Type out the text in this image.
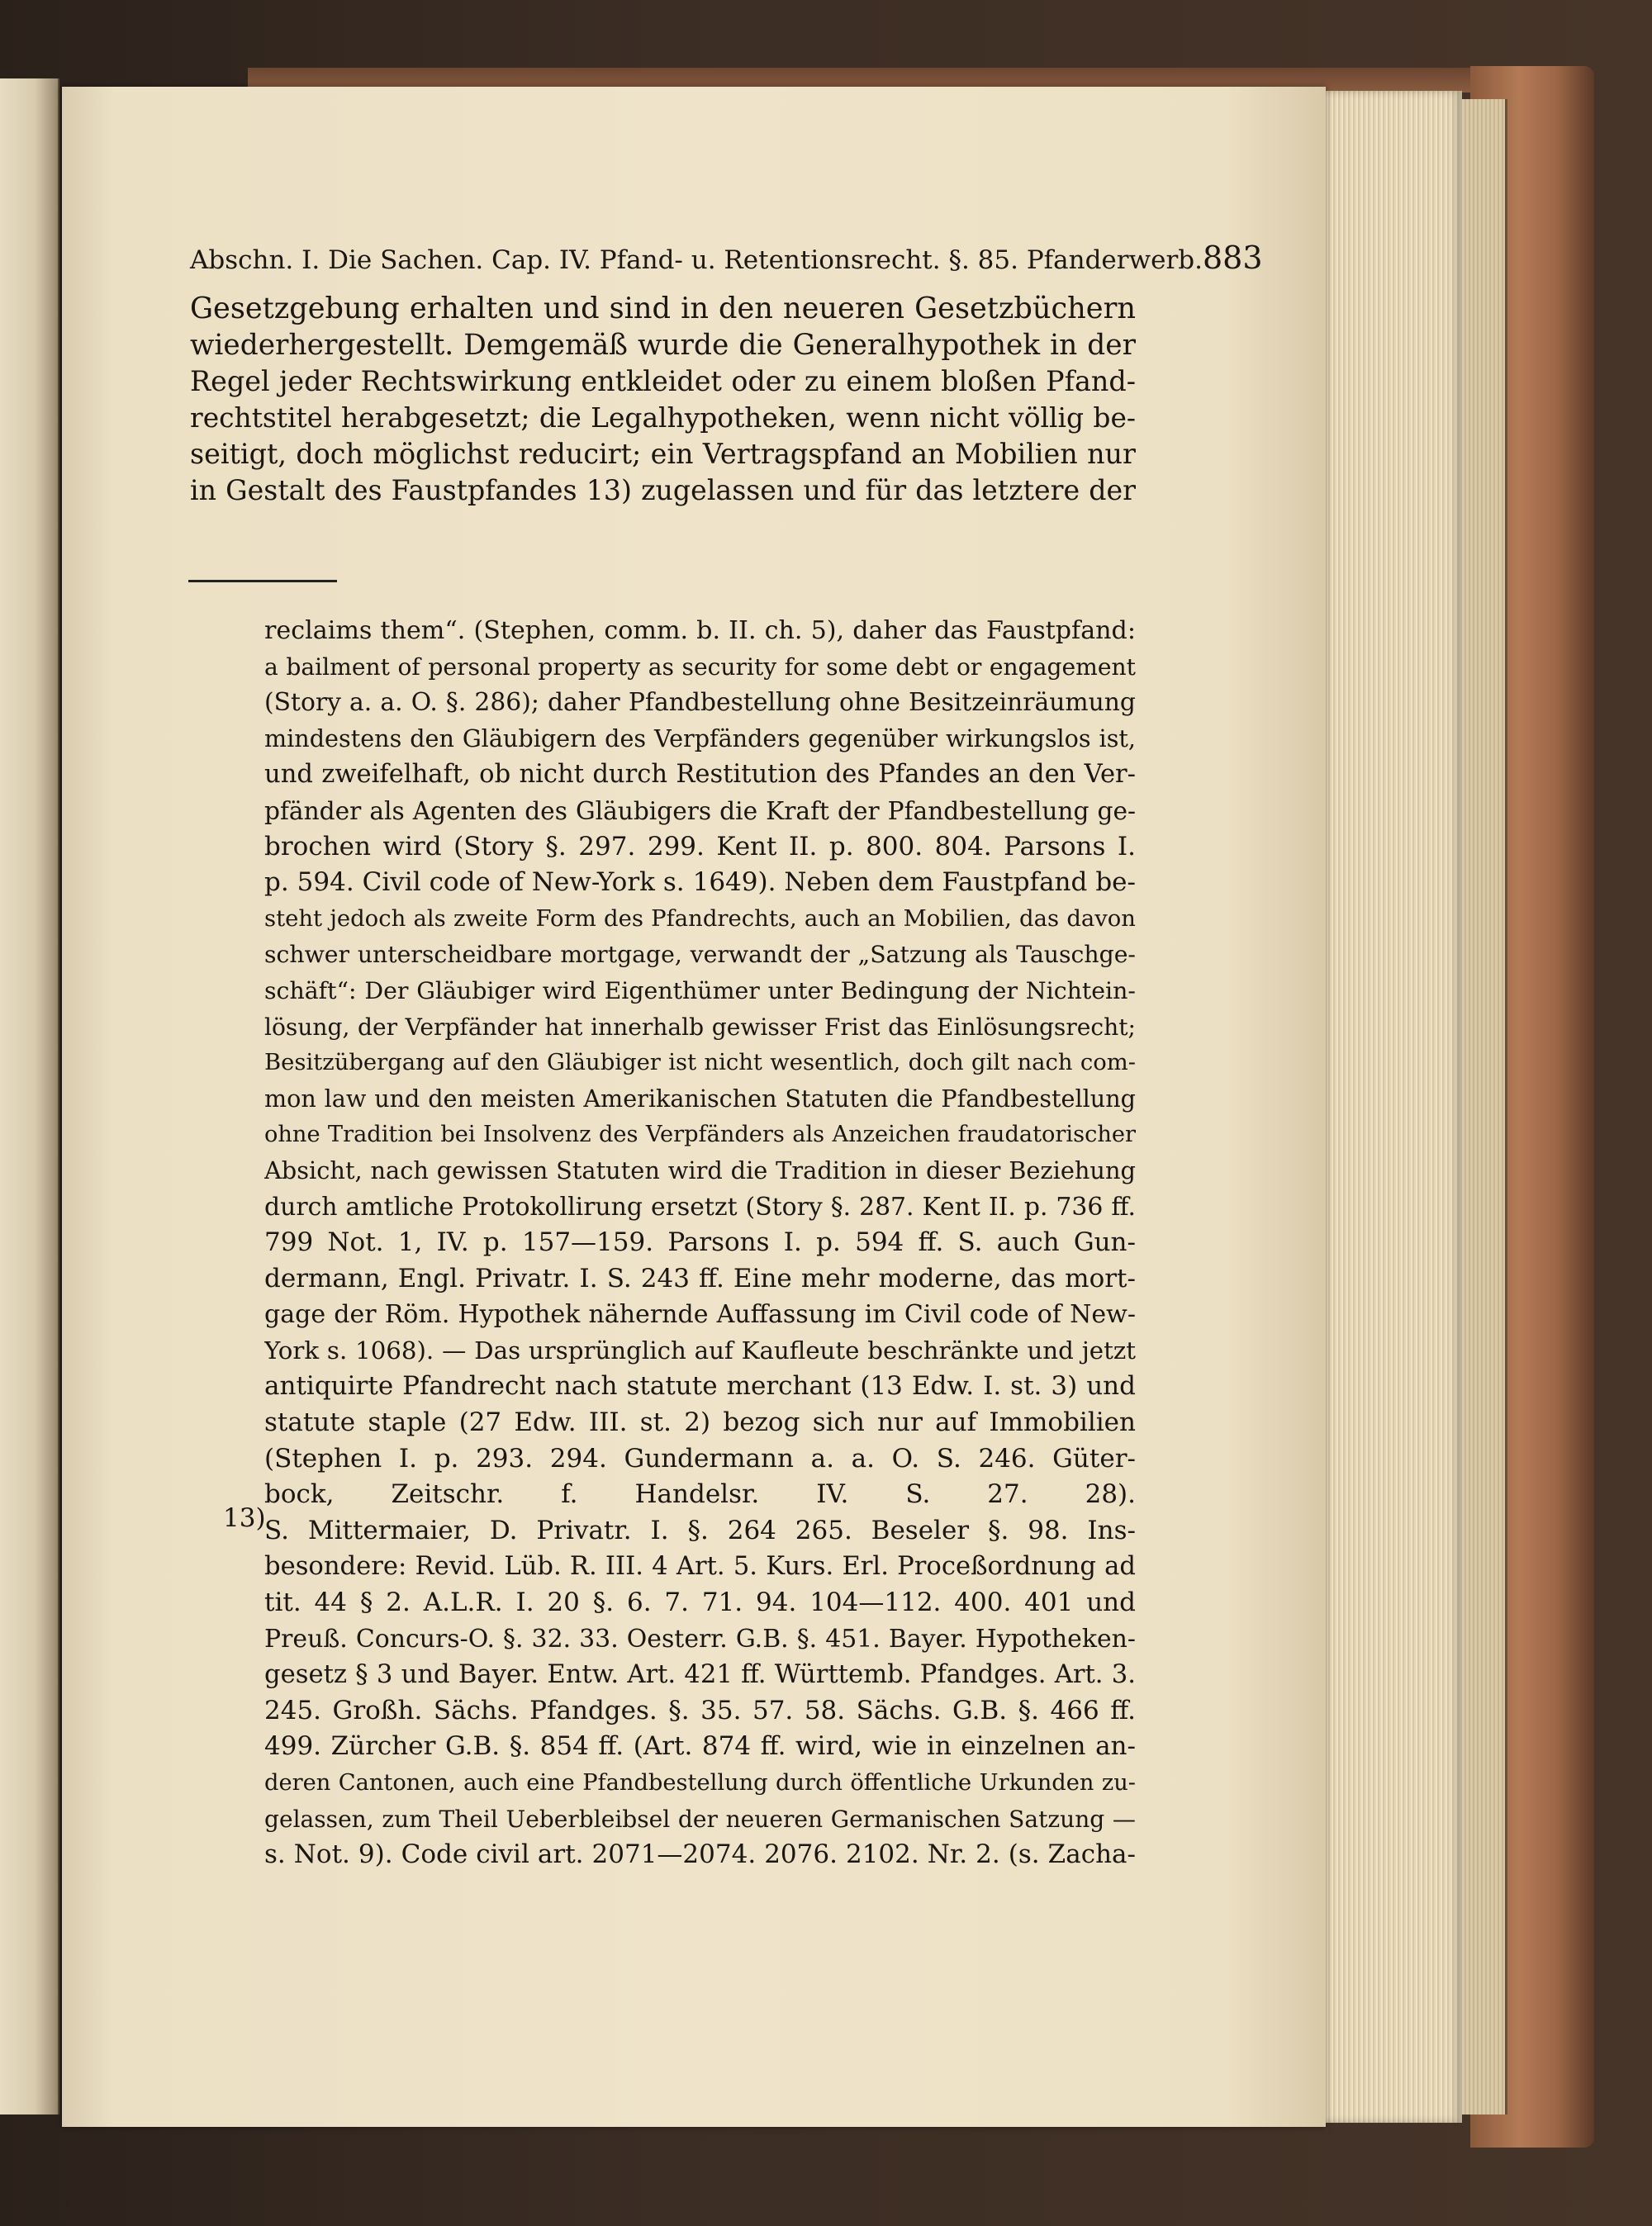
Abschn. I. Die Sachen. Cap. IV. Pfand- u. Retentionsrecht. §. 85. Pfanderwerb. 883
Gesetzgebung erhalten und sind in den neueren Gesetzbüchern
wiederhergestellt. Demgemäß wurde die Generalhypothek in der
Regel jeder Rechtswirkung entkleidet oder zu einem bloßen Pfand-
rechtstitel herabgesetzt; die Legalhypotheken, wenn nicht völlig be-
seitigt, doch möglichst reducirt; ein Vertragspfand an Mobilien nur
in Gestalt des Faustpfandes 13) zugelassen und für das letztere der
reclaims them“. (Stephen, comm. b. II. ch. 5), daher das Faustpfand:
a bailment of personal property as security for some debt or engagement
(Story a. a. O. §. 286); daher Pfandbestellung ohne Besitzeinräumung
mindestens den Gläubigern des Verpfänders gegenüber wirkungslos ist,
und zweifelhaft, ob nicht durch Restitution des Pfandes an den Ver-
pfänder als Agenten des Gläubigers die Kraft der Pfandbestellung ge-
brochen wird (Story §. 297. 299. Kent II. p. 800. 804. Parsons I.
p. 594. Civil code of New-York s. 1649). Neben dem Faustpfand be-
steht jedoch als zweite Form des Pfandrechts, auch an Mobilien, das davon
schwer unterscheidbare mortgage, verwandt der „Satzung als Tauschge-
schäft“: Der Gläubiger wird Eigenthümer unter Bedingung der Nichtein-
lösung, der Verpfänder hat innerhalb gewisser Frist das Einlösungsrecht;
Besitzübergang auf den Gläubiger ist nicht wesentlich, doch gilt nach com-
mon law und den meisten Amerikanischen Statuten die Pfandbestellung
ohne Tradition bei Insolvenz des Verpfänders als Anzeichen fraudatorischer
Absicht, nach gewissen Statuten wird die Tradition in dieser Beziehung
durch amtliche Protokollirung ersetzt (Story §. 287. Kent II. p. 736 ff.
799 Not. 1, IV. p. 157—159. Parsons I. p. 594 ff. S. auch Gun-
dermann, Engl. Privatr. I. S. 243 ff. Eine mehr moderne, das mort-
gage der Röm. Hypothek nähernde Auffassung im Civil code of New-
York s. 1068). — Das ursprünglich auf Kaufleute beschränkte und jetzt
antiquirte Pfandrecht nach statute merchant (13 Edw. I. st. 3) und
statute staple (27 Edw. III. st. 2) bezog sich nur auf Immobilien
(Stephen I. p. 293. 294. Gundermann a. a. O. S. 246. Güter-
bock, Zeitschr. f. Handelsr. IV. S. 27. 28).
S. Mittermaier, D. Privatr. I. §. 264 265. Beseler §. 98. Ins-
besondere: Revid. Lüb. R. III. 4 Art. 5. Kurs. Erl. Proceßordnung ad
tit. 44 § 2. A.L.R. I. 20 §. 6. 7. 71. 94. 104—112. 400. 401 und
Preuß. Concurs-O. §. 32. 33. Oesterr. G.B. §. 451. Bayer. Hypotheken-
gesetz § 3 und Bayer. Entw. Art. 421 ff. Württemb. Pfandges. Art. 3.
245. Großh. Sächs. Pfandges. §. 35. 57. 58. Sächs. G.B. §. 466 ff.
499. Zürcher G.B. §. 854 ff. (Art. 874 ff. wird, wie in einzelnen an-
deren Cantonen, auch eine Pfandbestellung durch öffentliche Urkunden zu-
gelassen, zum Theil Ueberbleibsel der neueren Germanischen Satzung —
s. Not. 9). Code civil art. 2071—2074. 2076. 2102. Nr. 2. (s. Zacha-
13)
